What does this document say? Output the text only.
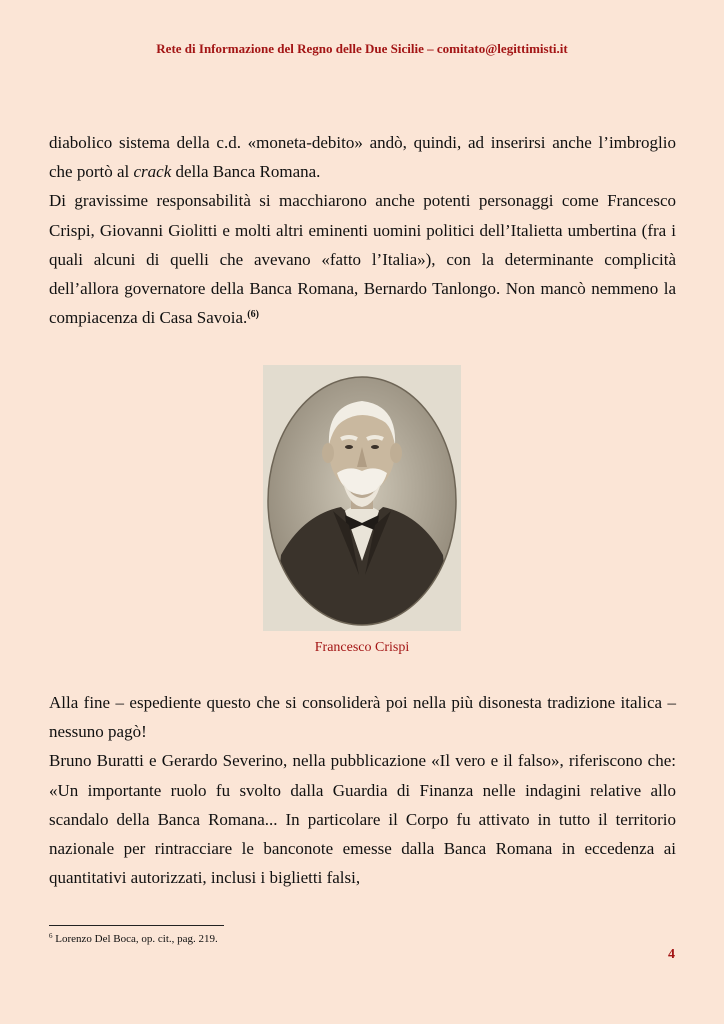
Rete di Informazione del Regno delle Due Sicilie – comitato@legittimisti.it

diabolico sistema della c.d. «moneta-debito» andò, quindi, ad inserirsi anche l’imbroglio che portò al crack della Banca Romana.

Di gravissime responsabilità si macchiarono anche potenti personaggi come Francesco Crispi, Giovanni Giolitti e molti altri eminenti uomini politici dell’Italietta umbertina (fra i quali alcuni di quelli che avevano «fatto l’Italia»), con la determinante complicità dell’allora governatore della Banca Romana, Bernardo Tanlongo. Non mancò nemmeno la compiacenza di Casa Savoia.$^{(6)}$

Francesco Crispi

Alla fine – espediente questo che si consoliderà poi nella più disonesta tradizione italica – nessuno pagò!

Bruno Buratti e Gerardo Severino, nella pubblicazione «Il vero e il falso», riferiscono che: «Un importante ruolo fu svolto dalla Guardia di Finanza nelle indagini relative allo scandalo della Banca Romana... In particolare il Corpo fu attivato in tutto il territorio nazionale per rintracciare le banconote emesse dalla Banca Romana in eccedenza ai quantitativi autorizzati, inclusi i biglietti falsi,

$^6$ Lorenzo Del Boca, op. cit., pag. 219.
4
